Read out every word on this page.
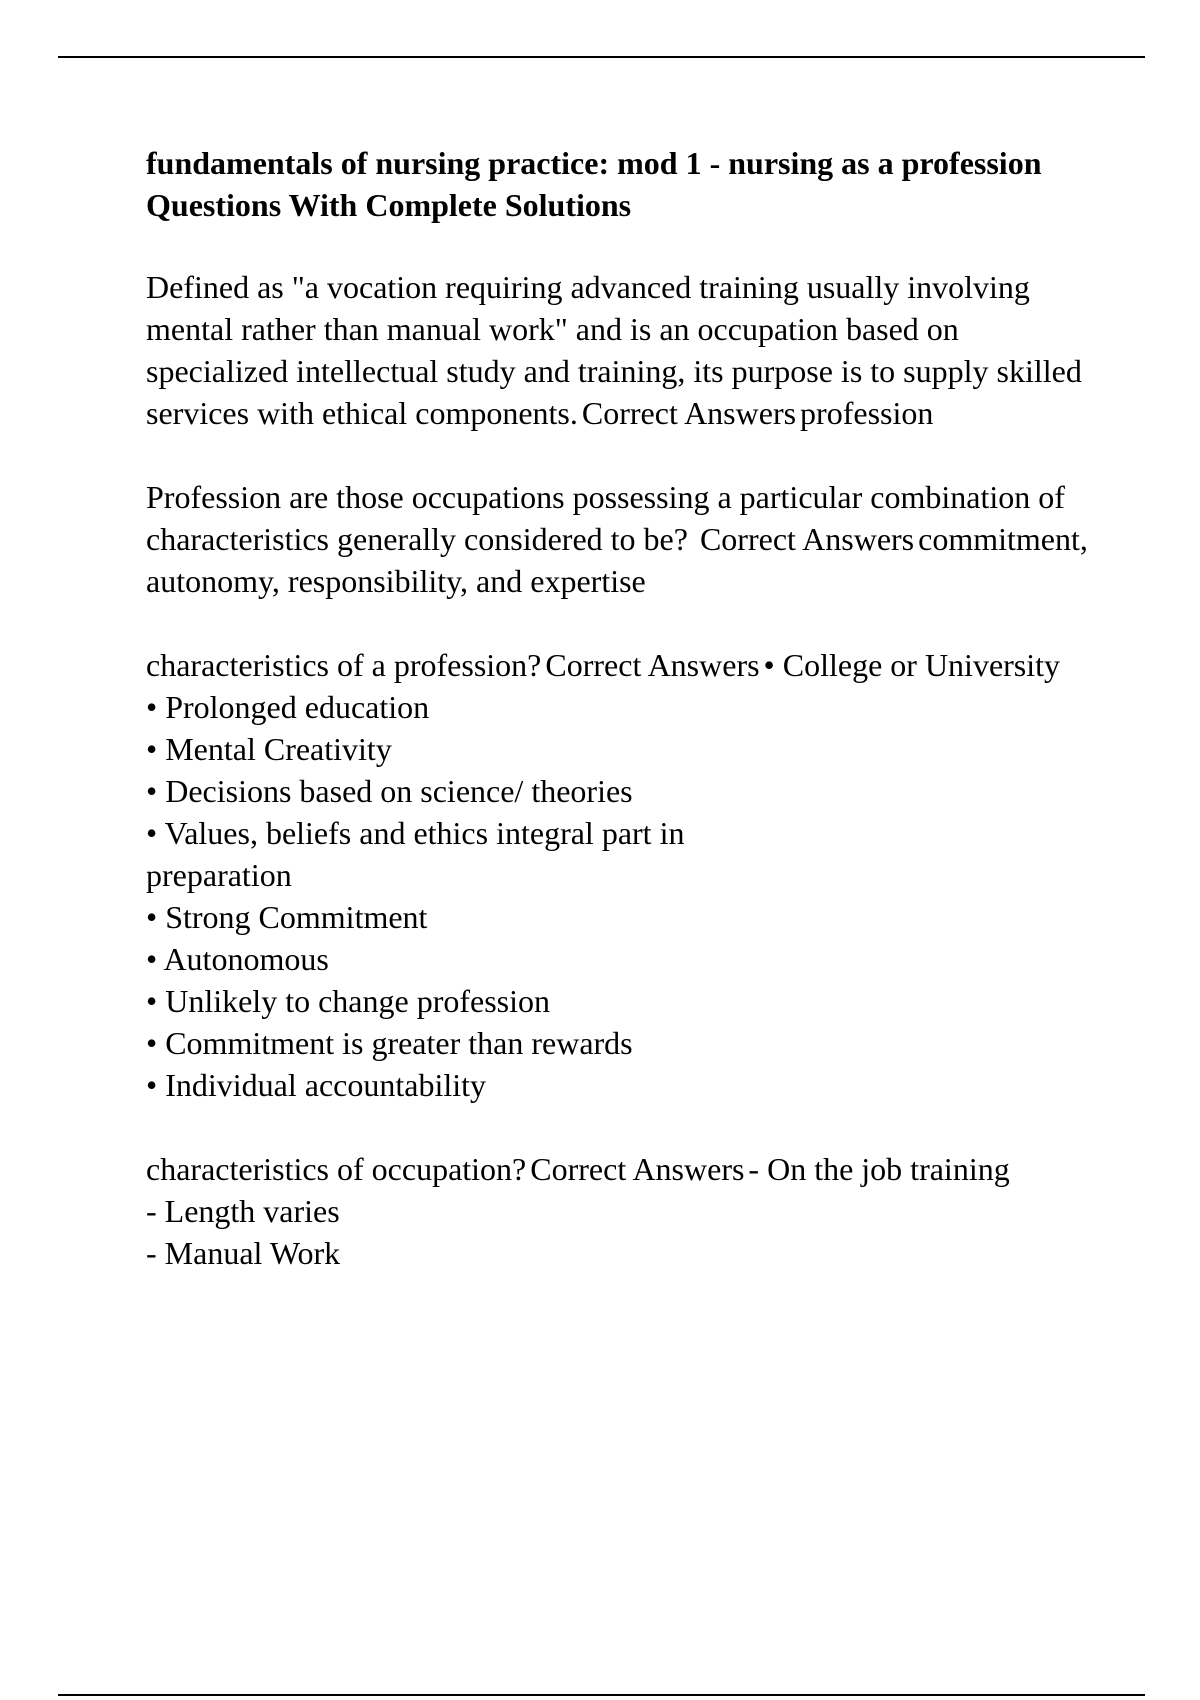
fundamentals of nursing practice: mod 1 - nursing as a profession Questions With Complete Solutions
Defined as "a vocation requiring advanced training usually involving mental rather than manual work" and is an occupation based on specialized intellectual study and training, its purpose is to supply skilled services with ethical components. Correct Answers profession
Profession are those occupations possessing a particular combination of characteristics generally considered to be? Correct Answers commitment, autonomy, responsibility, and expertise
characteristics of a profession? Correct Answers • College or University
• Prolonged education
• Mental Creativity
• Decisions based on science/ theories
• Values, beliefs and ethics integral part in preparation
• Strong Commitment
• Autonomous
• Unlikely to change profession
• Commitment is greater than rewards
• Individual accountability
characteristics of occupation? Correct Answers - On the job training
- Length varies
- Manual Work
